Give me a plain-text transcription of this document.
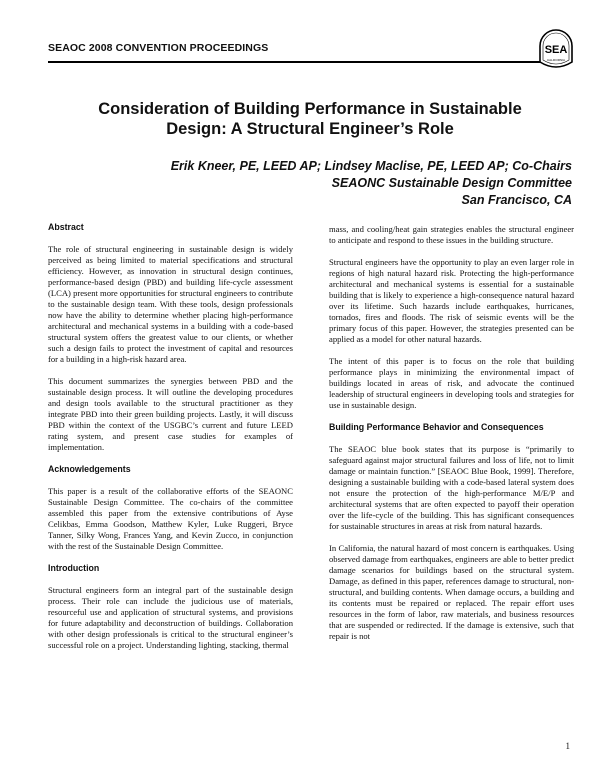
SEAOC 2008 CONVENTION PROCEEDINGS	SEA
CALIFORNIA
Consideration of Building Performance in Sustainable
Design: A Structural Engineer’s Role
Erik Kneer, PE, LEED AP; Lindsey Maclise, PE, LEED AP; Co-Chairs
SEAONC Sustainable Design Committee
San Francisco, CA
Abstract

The role of structural engineering in sustainable design is widely perceived as being limited to material specifications and structural efficiency. However, as innovation in structural design continues, performance-based design (PBD) and building life-cycle assessment (LCA) present more opportunities for structural engineers to contribute to the sustainable design team. With these tools, design professionals now have the ability to determine whether placing high-performance architectural and mechanical systems in a building with a code-based structural system offers the greatest value to our clients, or whether such a design fails to protect the investment of capital and resources for a building in a high-risk hazard area.

This document summarizes the synergies between PBD and the sustainable design process. It will outline the developing procedures and design tools available to the structural practitioner as they integrate PBD into their green building projects. Lastly, it will discuss PBD within the context of the USGBC’s current and future LEED rating system, and present case studies for examples of implementation.

Acknowledgements

This paper is a result of the collaborative efforts of the SEAONC Sustainable Design Committee. The co-chairs of the committee assembled this paper from the extensive contributions of Ayse Celikbas, Emma Goodson, Matthew Kyler, Luke Ruggeri, Bryce Tanner, Silky Wong, Frances Yang, and Kevin Zucco, in conjunction with the rest of the Sustainable Design Committee.

Introduction

Structural engineers form an integral part of the sustainable design process. Their role can include the judicious use of materials, resourceful use and application of structural systems, and provisions for future adaptability and deconstruction of buildings. Collaboration with other design professionals is critical to the structural engineer’s successful role on a project. Understanding lighting, stacking, thermal

mass, and cooling/heat gain strategies enables the structural engineer to anticipate and respond to these issues in the building structure.

Structural engineers have the opportunity to play an even larger role in regions of high natural hazard risk. Protecting the high-performance architectural and mechanical systems is essential for a sustainable building that is likely to experience a high-consequence natural hazard over its lifetime. Such hazards include earthquakes, hurricanes, tornados, fires and floods. The risk of seismic events will be the primary focus of this paper. However, the strategies presented can be applied as a model for other natural hazards.

The intent of this paper is to focus on the role that building performance plays in minimizing the environmental impact of buildings located in areas of risk, and advocate the continued leadership of structural engineers in developing tools and strategies for use in sustainable design.

Building Performance Behavior and Consequences

The SEAOC blue book states that its purpose is “primarily to safeguard against major structural failures and loss of life, not to limit damage or maintain function.” [SEAOC Blue Book, 1999]. Therefore, designing a sustainable building with a code-based lateral system does not ensure the protection of the high-performance M/E/P and architectural systems that are often expected to payoff their operation over the life-cycle of the building. This has significant consequences for sustainable structures in areas at risk from natural hazards.

In California, the natural hazard of most concern is earthquakes. Using observed damage from earthquakes, engineers are able to better predict damage scenarios for buildings based on the structural system. Damage, as defined in this paper, references damage to structural, non-structural, and building contents. When damage occurs, a building and its contents must be repaired or replaced. The repair effort uses resources in the form of labor, raw materials, and business resources that are suspended or redirected. If the damage is extensive, such that repair is not

1
